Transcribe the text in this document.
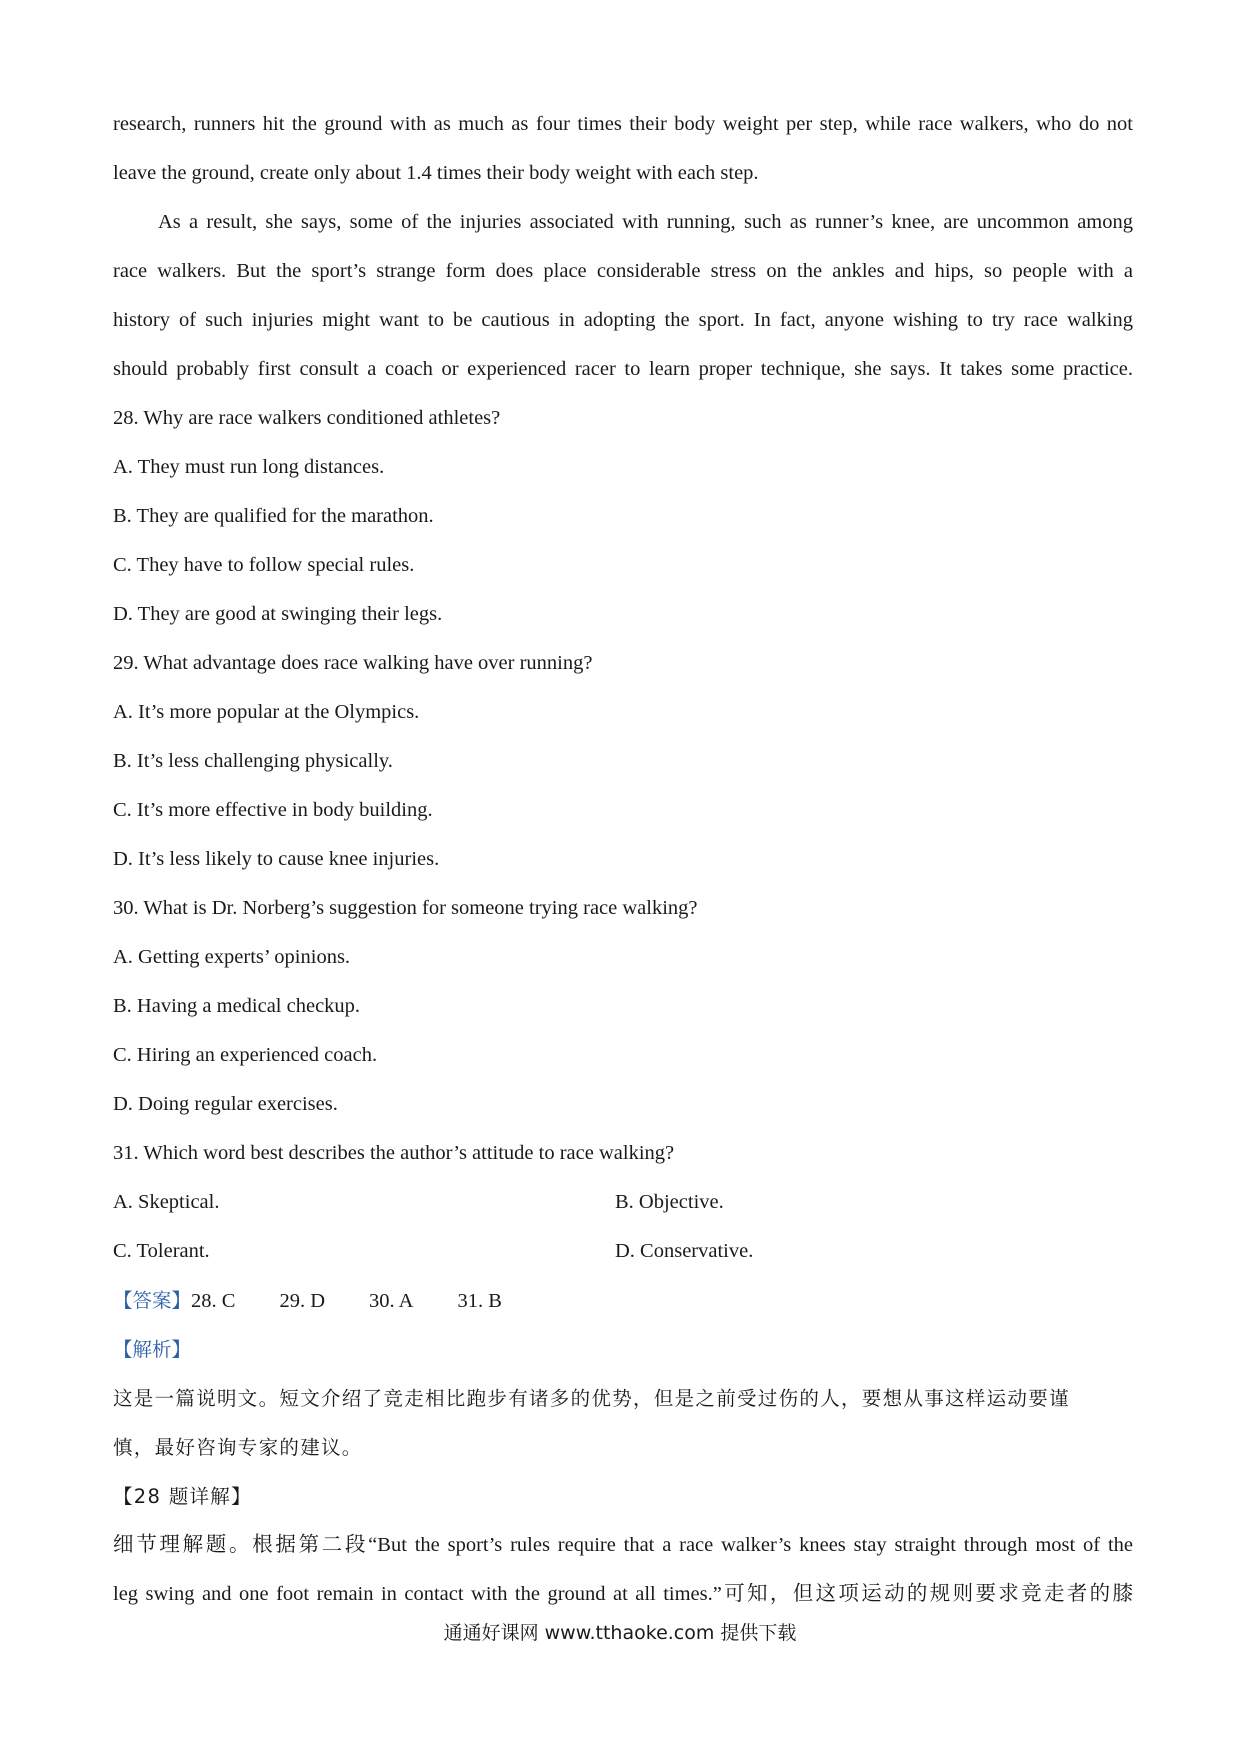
research, runners hit the ground with as much as four times their body weight per step, while race walkers, who do not
leave the ground, create only about 1.4 times their body weight with each step.
As a result, she says, some of the injuries associated with running, such as runner’s knee, are uncommon among
race walkers. But the sport’s strange form does place considerable stress on the ankles and hips, so people with a
history of such injuries might want to be cautious in adopting the sport. In fact, anyone wishing to try race walking
should probably first consult a coach or experienced racer to learn proper technique, she says. It takes some practice.
28. Why are race walkers conditioned athletes?
A. They must run long distances.
B. They are qualified for the marathon.
C. They have to follow special rules.
D. They are good at swinging their legs.
29. What advantage does race walking have over running?
A. It’s more popular at the Olympics.
B. It’s less challenging physically.
C. It’s more effective in body building.
D. It’s less likely to cause knee injuries.
30. What is Dr. Norberg’s suggestion for someone trying race walking?
A. Getting experts’ opinions.
B. Having a medical checkup.
C. Hiring an experienced coach.
D. Doing regular exercises.
31. Which word best describes the author’s attitude to race walking?
A. Skeptical.	B. Objective.
C. Tolerant.	D. Conservative.
【答案】28. C 29. D 30. A 31. B
【解析】
这是一篇说明文。短文介绍了竞走相比跑步有诸多的优势，但是之前受过伤的人，要想从事这样运动要谨
慎，最好咨询专家的建议。
【28 题详解】
细节理解题。根据第二段“But the sport’s rules require that a race walker’s knees stay straight through most of the
leg swing and one foot remain in contact with the ground at all times.”可知，但这项运动的规则要求竞走者的膝
通通好课网 www.tthaoke.com 提供下载
